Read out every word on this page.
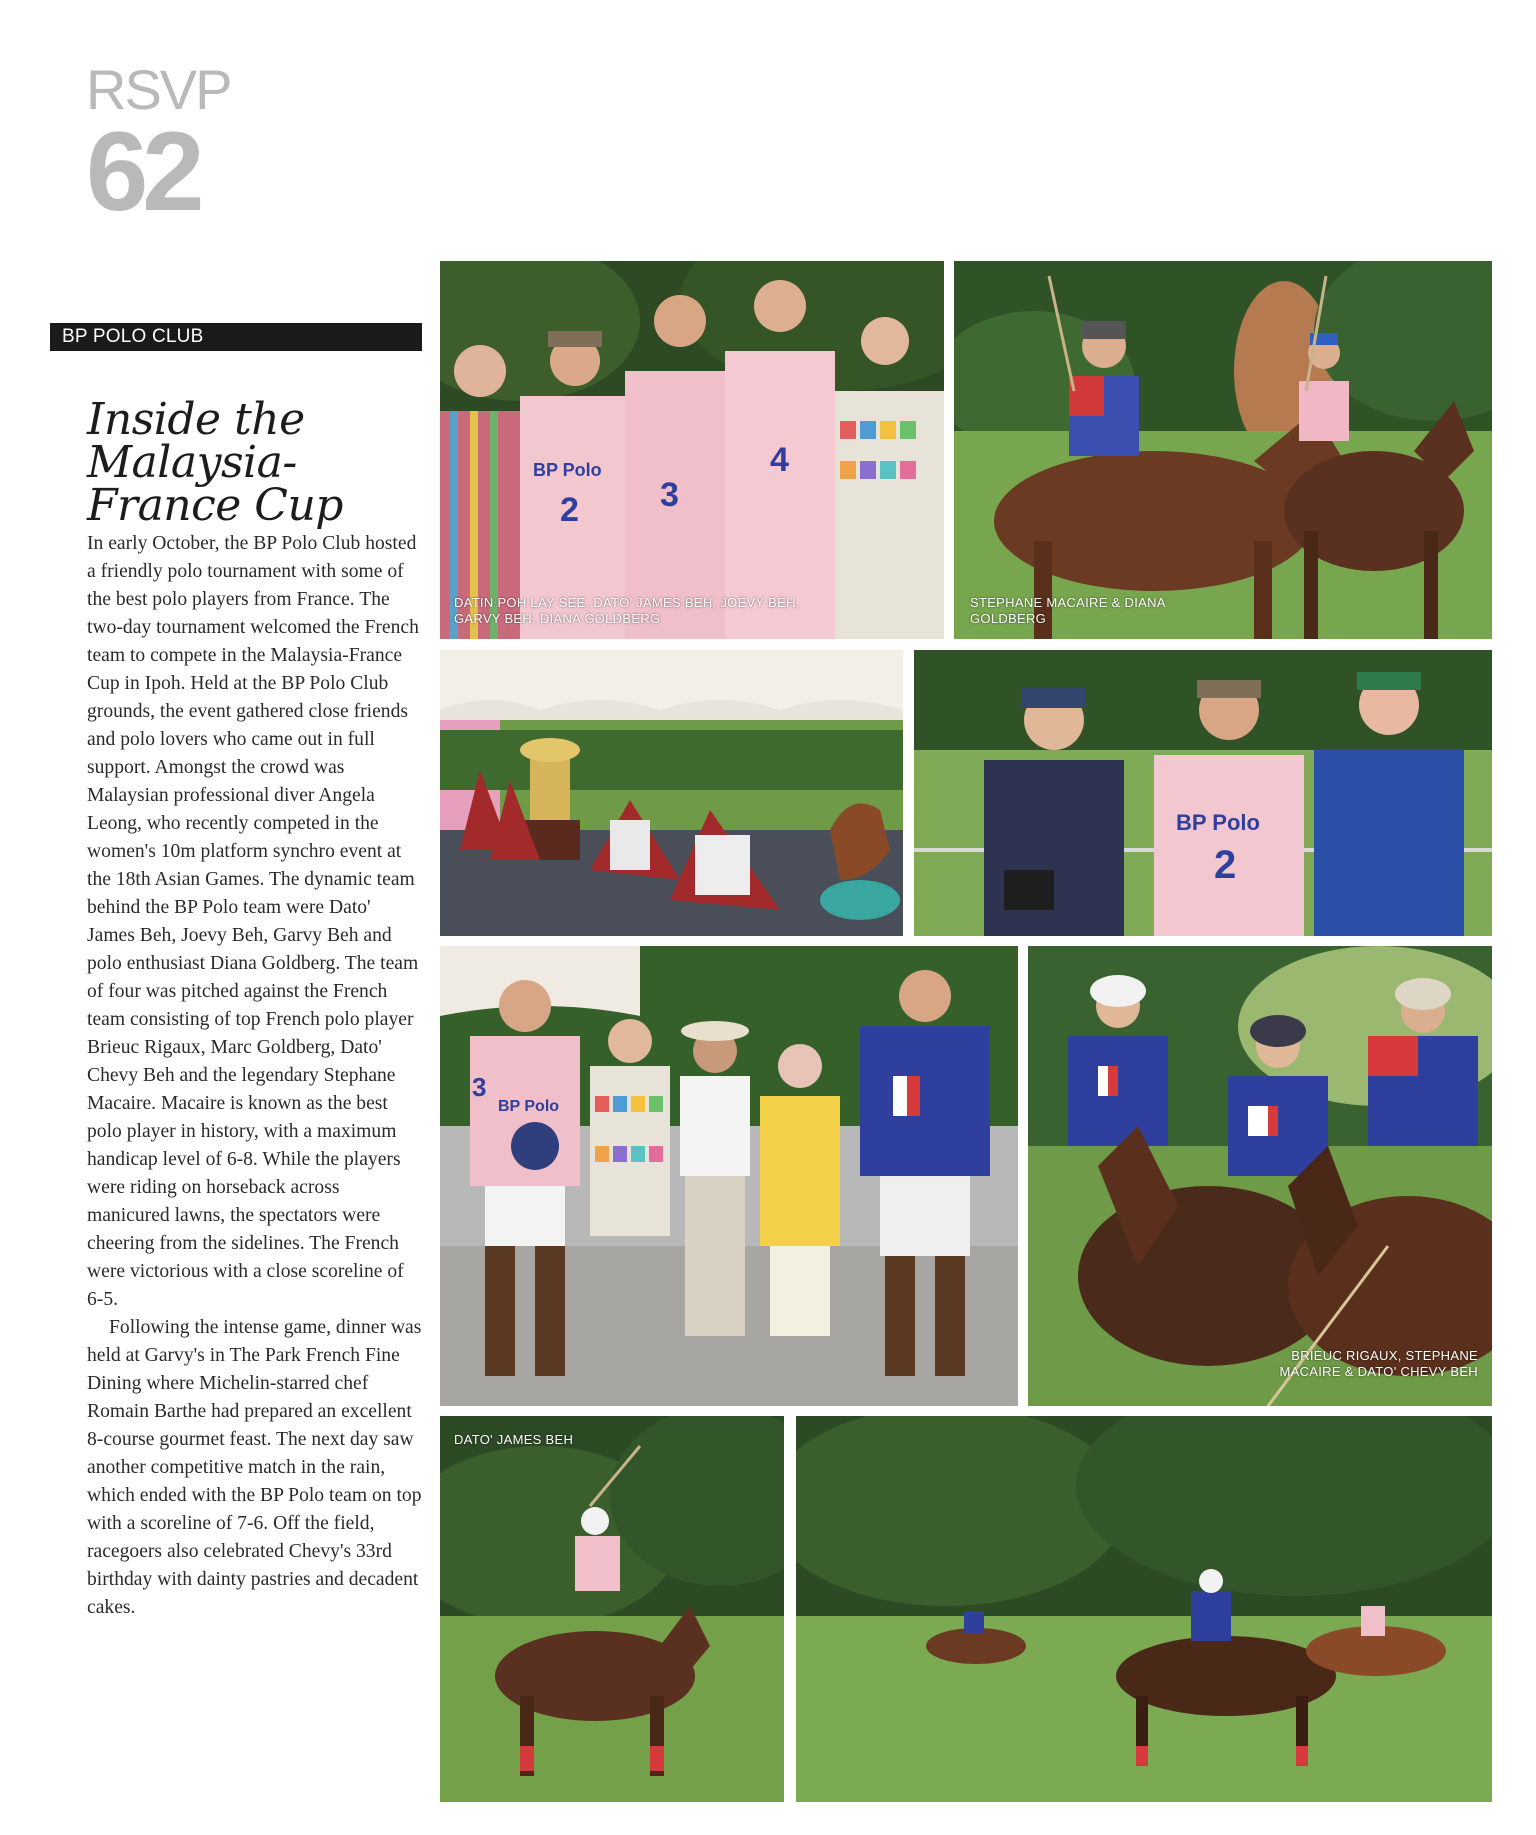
RSVP
62
BP POLO CLUB
Inside the Malaysia-France Cup

In early October, the BP Polo Club hosted a friendly polo tournament with some of the best polo players from France. The two-day tournament welcomed the French team to compete in the Malaysia-France Cup in Ipoh. Held at the BP Polo Club grounds, the event gathered close friends and polo lovers who came out in full support. Amongst the crowd was Malaysian professional diver Angela Leong, who recently competed in the women's 10m platform synchro event at the 18th Asian Games. The dynamic team behind the BP Polo team were Dato' James Beh, Joevy Beh, Garvy Beh and polo enthusiast Diana Goldberg. The team of four was pitched against the French team consisting of top French polo player Brieuc Rigaux, Marc Goldberg, Dato' Chevy Beh and the legendary Stephane Macaire. Macaire is known as the best polo player in history, with a maximum handicap level of 6-8. While the players were riding on horseback across manicured lawns, the spectators were cheering from the sidelines. The French were victorious with a close scoreline of 6-5.

Following the intense game, dinner was held at Garvy's in The Park French Fine Dining where Michelin-starred chef Romain Barthe had prepared an excellent 8-course gourmet feast. The next day saw another competitive match in the rain, which ended with the BP Polo team on top with a scoreline of 7-6. Off the field, racegoers also celebrated Chevy's 33rd birthday with dainty pastries and decadent cakes.

BP Polo
2 3
4
DATIN POH LAY SEE, DATO' JAMES BEH, JOEVY BEH, GARVY BEH, DIANA GOLDBERG
STEPHANE MACAIRE & DIANA GOLDBERG
BP Polo
2
BP Polo
3
BRIEUC RIGAUX, STEPHANE MACAIRE & DATO' CHEVY BEH
DATO' JAMES BEH
